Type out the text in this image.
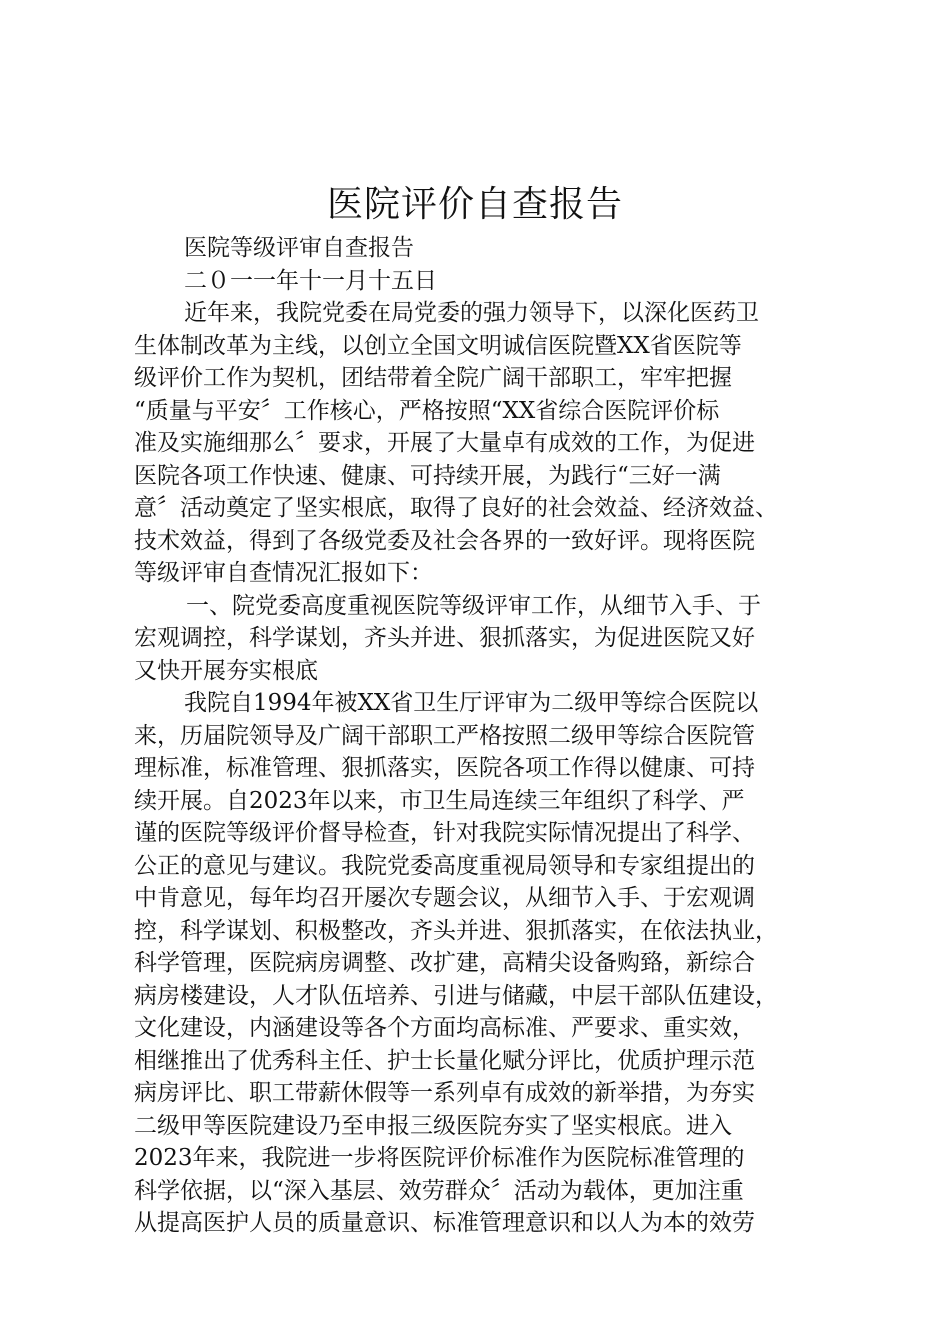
医院评价自查报告
医院等级评审自查报告
二０一一年十一月十五日
近年来，我院党委在局党委的强力领导下，以深化医药卫
生体制改革为主线，以创立全国文明诚信医院暨XX省医院等
级评价工作为契机，团结带着全院广阔干部职工，牢牢把握
“质量与平安〞工作核心，严格按照“XX省综合医院评价标
准及实施细那么〞要求，开展了大量卓有成效的工作，为促进
医院各项工作快速、健康、可持续开展，为践行“三好一满
意〞活动奠定了坚实根底，取得了良好的社会效益、经济效益、
技术效益，得到了各级党委及社会各界的一致好评。现将医院
等级评审自查情况汇报如下：
一、院党委高度重视医院等级评审工作，从细节入手、于
宏观调控，科学谋划，齐头并进、狠抓落实，为促进医院又好
又快开展夯实根底
我院自1994年被XX省卫生厅评审为二级甲等综合医院以
来，历届院领导及广阔干部职工严格按照二级甲等综合医院管
理标准，标准管理、狠抓落实，医院各项工作得以健康、可持
续开展。自2023年以来，市卫生局连续三年组织了科学、严
谨的医院等级评价督导检查，针对我院实际情况提出了科学、
公正的意见与建议。我院党委高度重视局领导和专家组提出的
中肯意见，每年均召开屡次专题会议，从细节入手、于宏观调
控，科学谋划、积极整改，齐头并进、狠抓落实，在依法执业，
科学管理，医院病房调整、改扩建，高精尖设备购臵，新综合
病房楼建设，人才队伍培养、引进与储藏，中层干部队伍建设，
文化建设，内涵建设等各个方面均高标准、严要求、重实效，
相继推出了优秀科主任、护士长量化赋分评比，优质护理示范
病房评比、职工带薪休假等一系列卓有成效的新举措，为夯实
二级甲等医院建设乃至申报三级医院夯实了坚实根底。进入
2023年来，我院进一步将医院评价标准作为医院标准管理的
科学依据，以“深入基层、效劳群众〞活动为载体，更加注重
从提高医护人员的质量意识、标准管理意识和以人为本的效劳
